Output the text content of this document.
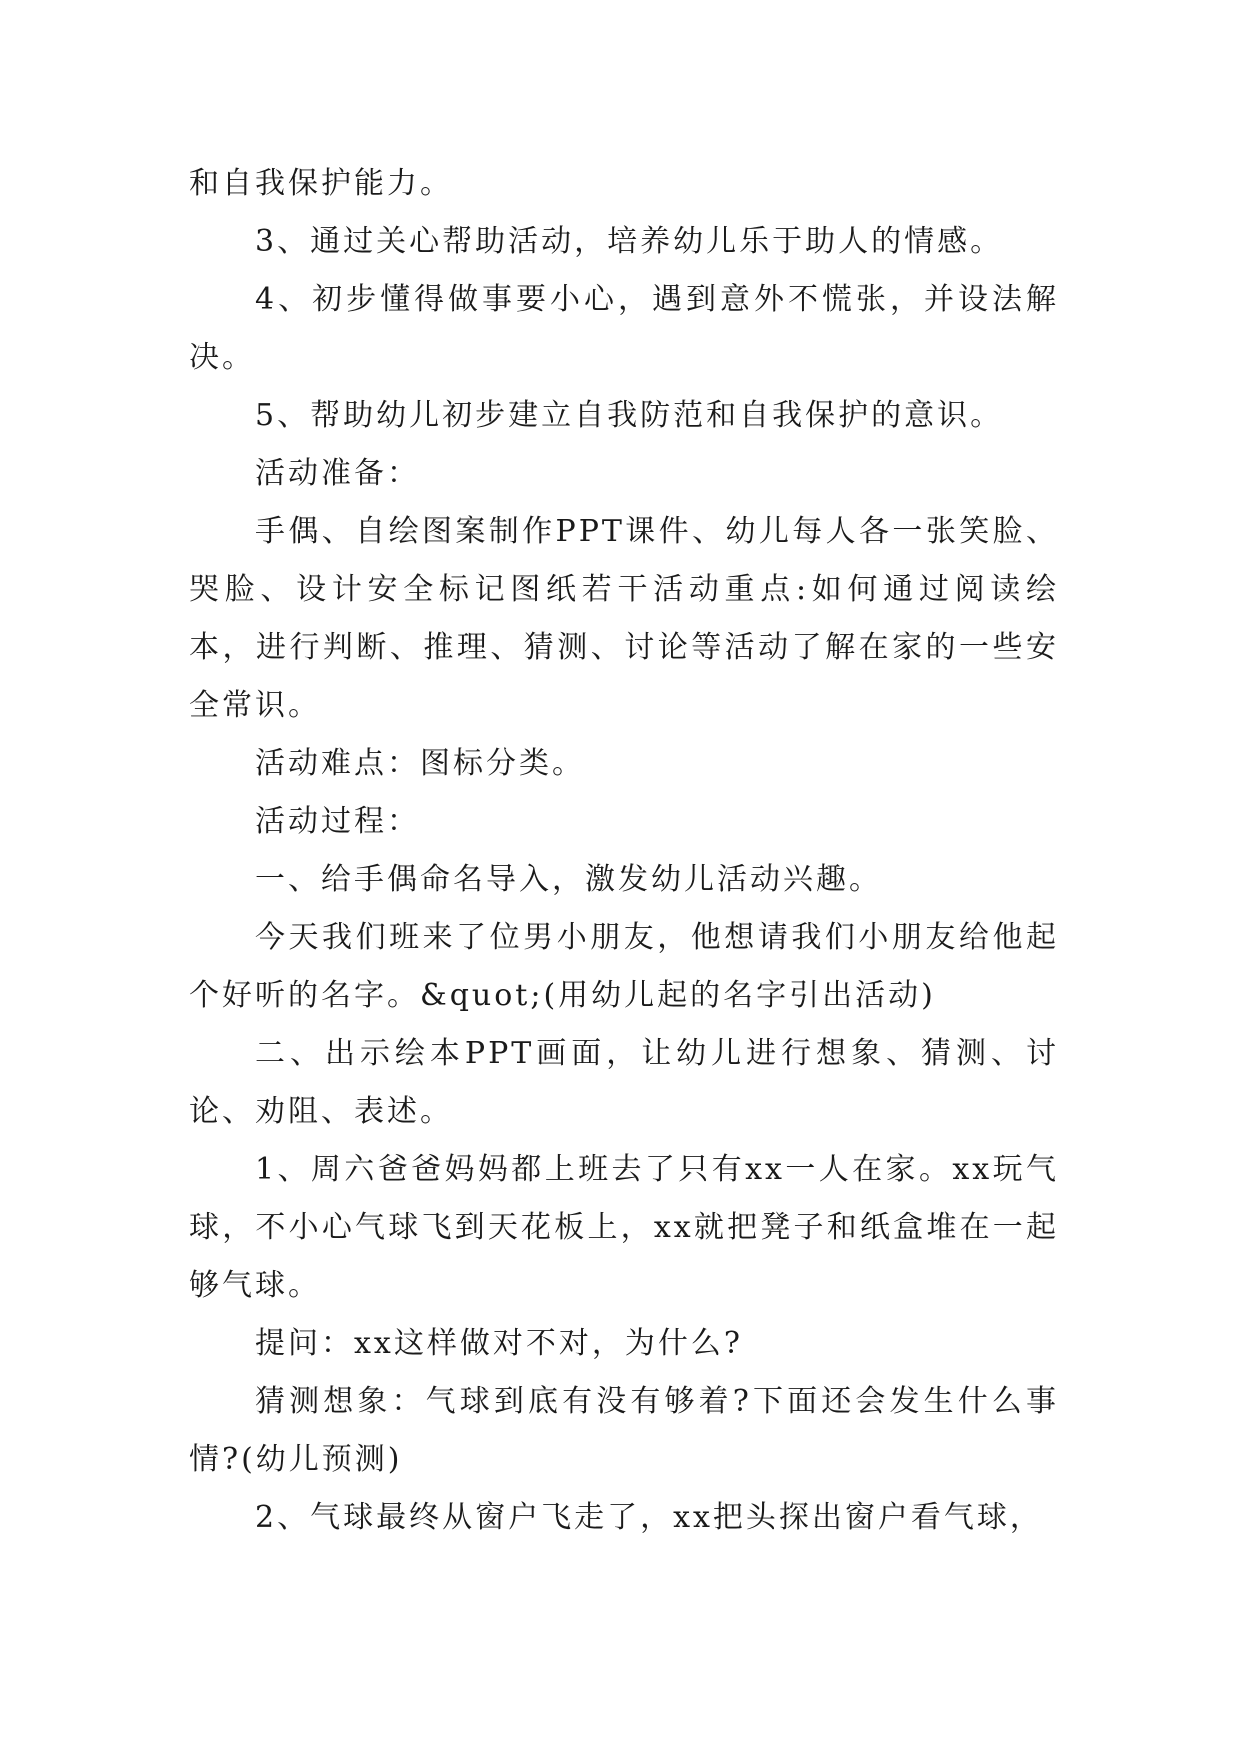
和自我保护能力。

3、通过关心帮助活动，培养幼儿乐于助人的情感。

4、初步懂得做事要小心，遇到意外不慌张，并设法解决。

5、帮助幼儿初步建立自我防范和自我保护的意识。

活动准备：

手偶、自绘图案制作PPT课件、幼儿每人各一张笑脸、哭脸、设计安全标记图纸若干活动重点:如何通过阅读绘本，进行判断、推理、猜测、讨论等活动了解在家的一些安全常识。

活动难点：图标分类。

活动过程：

一、给手偶命名导入，激发幼儿活动兴趣。

今天我们班来了位男小朋友，他想请我们小朋友给他起个好听的名字。&quot;(用幼儿起的名字引出活动)

二、出示绘本PPT画面，让幼儿进行想象、猜测、讨论、劝阻、表述。

1、周六爸爸妈妈都上班去了只有xx一人在家。xx玩气球，不小心气球飞到天花板上，xx就把凳子和纸盒堆在一起够气球。

提问：xx这样做对不对，为什么?

猜测想象：气球到底有没有够着?下面还会发生什么事情?(幼儿预测)

2、气球最终从窗户飞走了，xx把头探出窗户看气球，
